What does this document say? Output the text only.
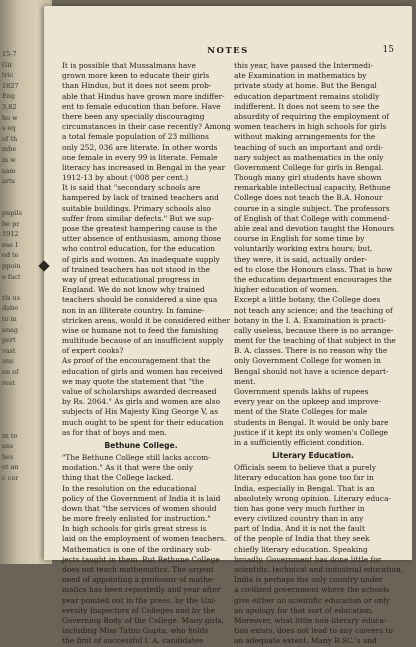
15-7
Gir
tric
1827
Eng
3,82
ho w
s eq
of th
mbe
m w
sam
arts
pupils
be pr
1912
ese I
ed to
ppoin
e fact
rls us
dabo
to m
anag
pert
vast
ans
on of
rest
nt to
ans
hes
et an
c cer
NOTES	15
It is possible that Mussalmans have
grown more keen to educate their girls
than Hindus, but it does not seem prob-
able that Hindus have grown more indiffer-
ent to female education than before. Have
there been any specially discouraging
circumstances in their case recently? Among
a total female population of 23 millions
only 252, 036 are literate. In other words
one female in every 99 is literate. Female
literacy has increased in Bengal in the year
1912-13 by about (‘008 per cent.)
It is said that "secondary schools are
hampered by lack of trained teachers and
suitable buildings. Primary schools also
suffer from similar defects." But we sup-
pose the greatest hampering cause is the
utter absence of enthusiasm, among those
who control education, for the education
of girls and women. An inadequate supply
of trained teachers has not stood in the
way of great educational progress in
England. We do not know why trained
teachers should be considered a sine qua
non in an illiterate country. In famine-
stricken areas, would it be considered either
wise or humane not to feed the famishing
multitude because of an insufficient supply
of expert cooks?
As proof of the encouragement that the
education of girls and women has received
we may quote the statement that "the
value of scholarships awarded decreased
by Rs. 2064." As girls and women are also
subjects of His Majesty King George V, as
much ought to be spent for their education
as for that of boys and men.
Bethune College.
"The Bethune College still lacks accom-
modation." As it that were the only
thing that the College lacked.
In the resolution on the educational
policy of the Government of India it is laid
down that "the services of women should
be more freely enlisted for instruction."
In high schools for girls great stress is
laid on the employment of women teachers.
Mathematics is one of the ordinary sub-
jects taught in them. But Bethune College
does not teach mathematics. The urgent
need of appointing a professor of mathe-
matics has been repeatedly and year after
year pointed out in the press, by the Uni-
versity Inspectors of Colleges and by the
Governing Body of the College. Many girls,
including Miss Tatini Gupta, who holds
the first of successful I. A. candidates
this year, have passed the Intermedi-
ate Examination in mathematics by
private study at home. But the Bengal
education department remains stolidly
indifferent. It does not seem to see the
absurdity of requiring the employment of
women teachers in high schools for girls
without making arrangements for the
teaching of such an important and ordi-
nary subject as mathematics in the only
Government College for girls in Bengal.
Though many girl students have shown
remarkable intellectual capacity, Bethune
College does not teach the B.A. Honour
course in a single subject. The professors
of English of that College with commend-
able zeal and devotion taught the Honours
course in English for some time by
voluntarily working extra hours; but,
they were, it is said, actually order-
ed to close the Honours class. That is how
the education department encourages the
higher education of women.
Except a little botany, the College does
not teach any science; and the teaching of
botany in the I. A. Examination is practi-
cally useless, because there is no arrange-
ment for the teaching of that subject in the
B. A. classes. There is no reason why the
only Government College for women in
Bengal should not have a science depart-
ment.
Government spends lakhs of rupees
every year on the upkeep and improve-
ment of the State Colleges for male
students in Bengal. It would be only bare
justice if it kept its only women's College
in a sufficiently efficient condition.
Literary Education.
Officials seem to believe that a purely
literary education has gone too far in
India, especially in Bengal. That is an
absolutely wrong opinion. Literary educa-
tion has gone very much further in
every civilized country than in any
part of India. And it is not the fault
of the people of India that they seek
chiefly literary education. Speaking
broadly, Government has done little for
scientific, technical and industrial education.
India is perhaps the only country under
a civilized government where the schools
give either no scientific education or only
an apology for that sort of education.
Moreover, what little non-literary educa-
tion exists, does not lead to any careers to
an adequate extent. Many B.SC.'s and
